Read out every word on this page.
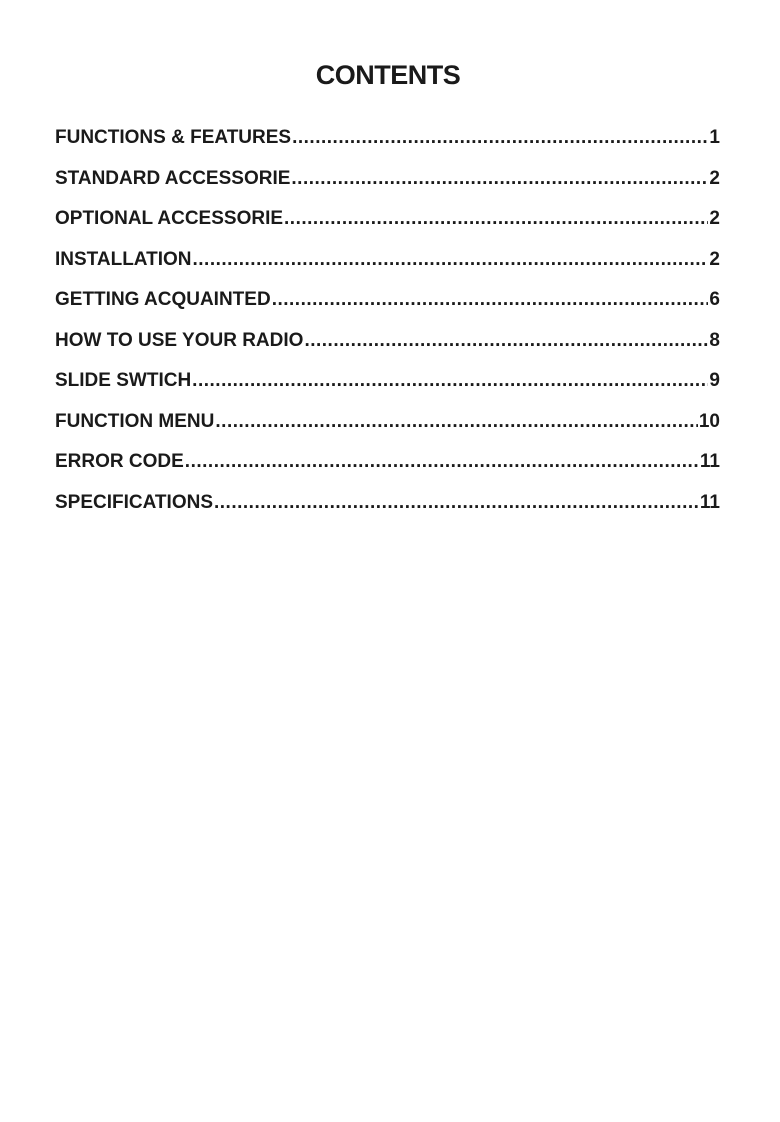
CONTENTS
FUNCTIONS & FEATURES .....	1
STANDARD ACCESSORIE .....	2
OPTIONAL ACCESSORIE .....	2
INSTALLATION .....	2
GETTING ACQUAINTED .....	6
HOW TO USE YOUR RADIO .....	8
SLIDE SWTICH .....	9
FUNCTION MENU .....	10
ERROR CODE .....	11
SPECIFICATIONS .....	11
